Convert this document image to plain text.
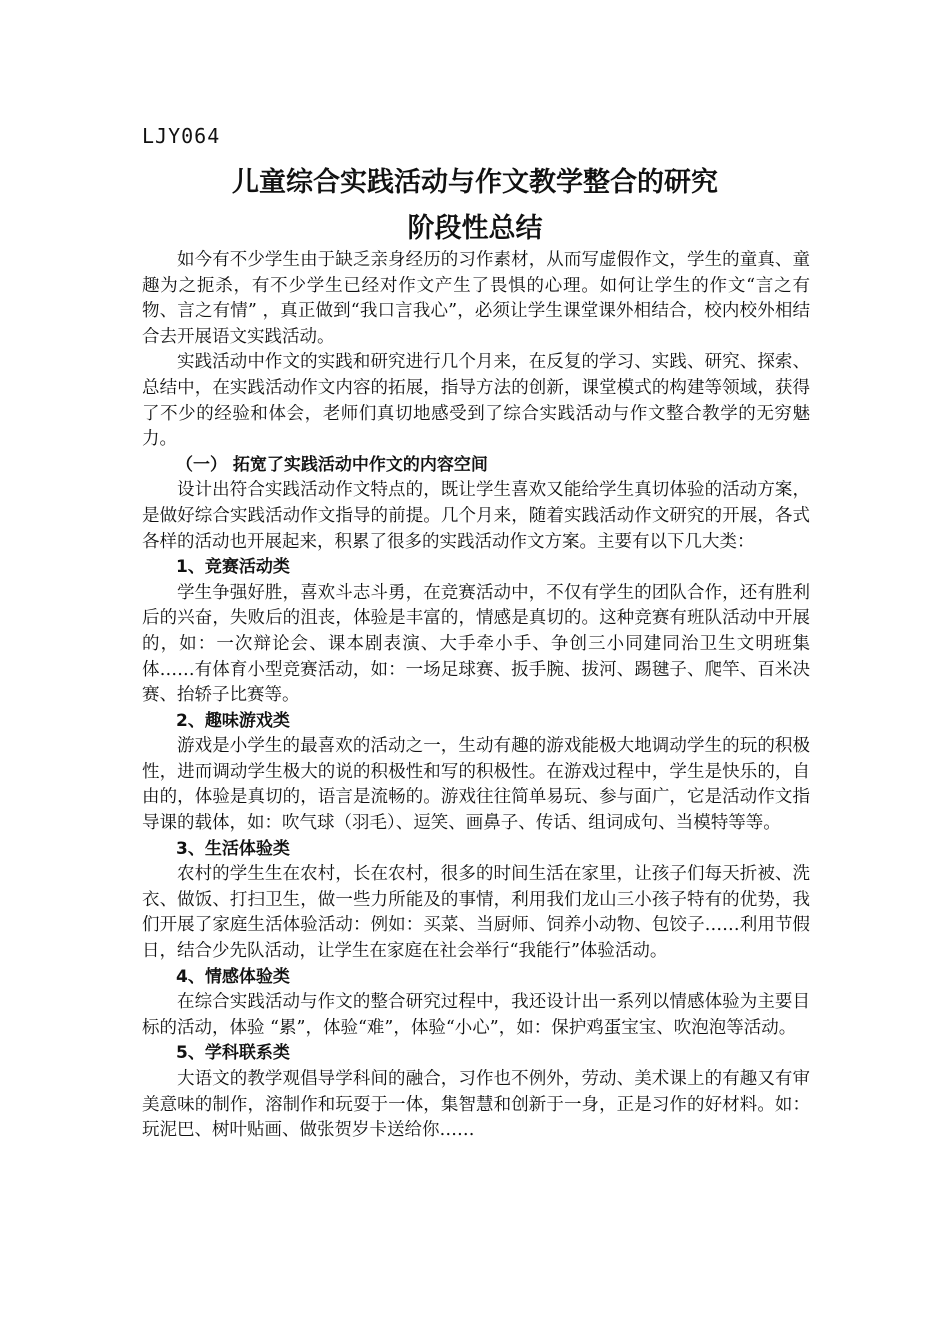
LJY064
儿童综合实践活动与作文教学整合的研究
阶段性总结

如今有不少学生由于缺乏亲身经历的习作素材，从而写虚假作文，学生的童真、童趣为之扼杀，有不少学生已经对作文产生了畏惧的心理。如何让学生的作文“言之有物、言之有情” ，真正做到“我口言我心”，必须让学生课堂课外相结合，校内校外相结合去开展语文实践活动。

实践活动中作文的实践和研究进行几个月来，在反复的学习、实践、研究、探索、总结中，在实践活动作文内容的拓展，指导方法的创新，课堂模式的构建等领域，获得了不少的经验和体会，老师们真切地感受到了综合实践活动与作文整合教学的无穷魅力。

（一） 拓宽了实践活动中作文的内容空间

设计出符合实践活动作文特点的，既让学生喜欢又能给学生真切体验的活动方案，是做好综合实践活动作文指导的前提。几个月来，随着实践活动作文研究的开展，各式各样的活动也开展起来，积累了很多的实践活动作文方案。主要有以下几大类：

1、竞赛活动类

学生争强好胜，喜欢斗志斗勇，在竞赛活动中，不仅有学生的团队合作，还有胜利后的兴奋，失败后的沮丧，体验是丰富的，情感是真切的。这种竞赛有班队活动中开展的，如：一次辩论会、课本剧表演、大手牵小手、争创三小同建同治卫生文明班集体……有体育小型竞赛活动，如：一场足球赛、扳手腕、拔河、踢毽子、爬竿、百米决赛、抬轿子比赛等。

2、趣味游戏类

游戏是小学生的最喜欢的活动之一，生动有趣的游戏能极大地调动学生的玩的积极性，进而调动学生极大的说的积极性和写的积极性。在游戏过程中，学生是快乐的，自由的，体验是真切的，语言是流畅的。游戏往往简单易玩、参与面广，它是活动作文指导课的载体，如：吹气球（羽毛）、逗笑、画鼻子、传话、组词成句、当模特等等。

3、生活体验类

农村的学生生在农村，长在农村，很多的时间生活在家里，让孩子们每天折被、洗衣、做饭、打扫卫生，做一些力所能及的事情，利用我们龙山三小孩子特有的优势，我们开展了家庭生活体验活动：例如：买菜、当厨师、饲养小动物、包饺子……利用节假日，结合少先队活动，让学生在家庭在社会举行“我能行”体验活动。

4、情感体验类

在综合实践活动与作文的整合研究过程中，我还设计出一系列以情感体验为主要目标的活动，体验 “累”，体验“难”，体验“小心”，如：保护鸡蛋宝宝、吹泡泡等活动。

5、学科联系类

大语文的教学观倡导学科间的融合，习作也不例外，劳动、美术课上的有趣又有审美意味的制作，溶制作和玩耍于一体，集智慧和创新于一身，正是习作的好材料。如：玩泥巴、树叶贴画、做张贺岁卡送给你……
